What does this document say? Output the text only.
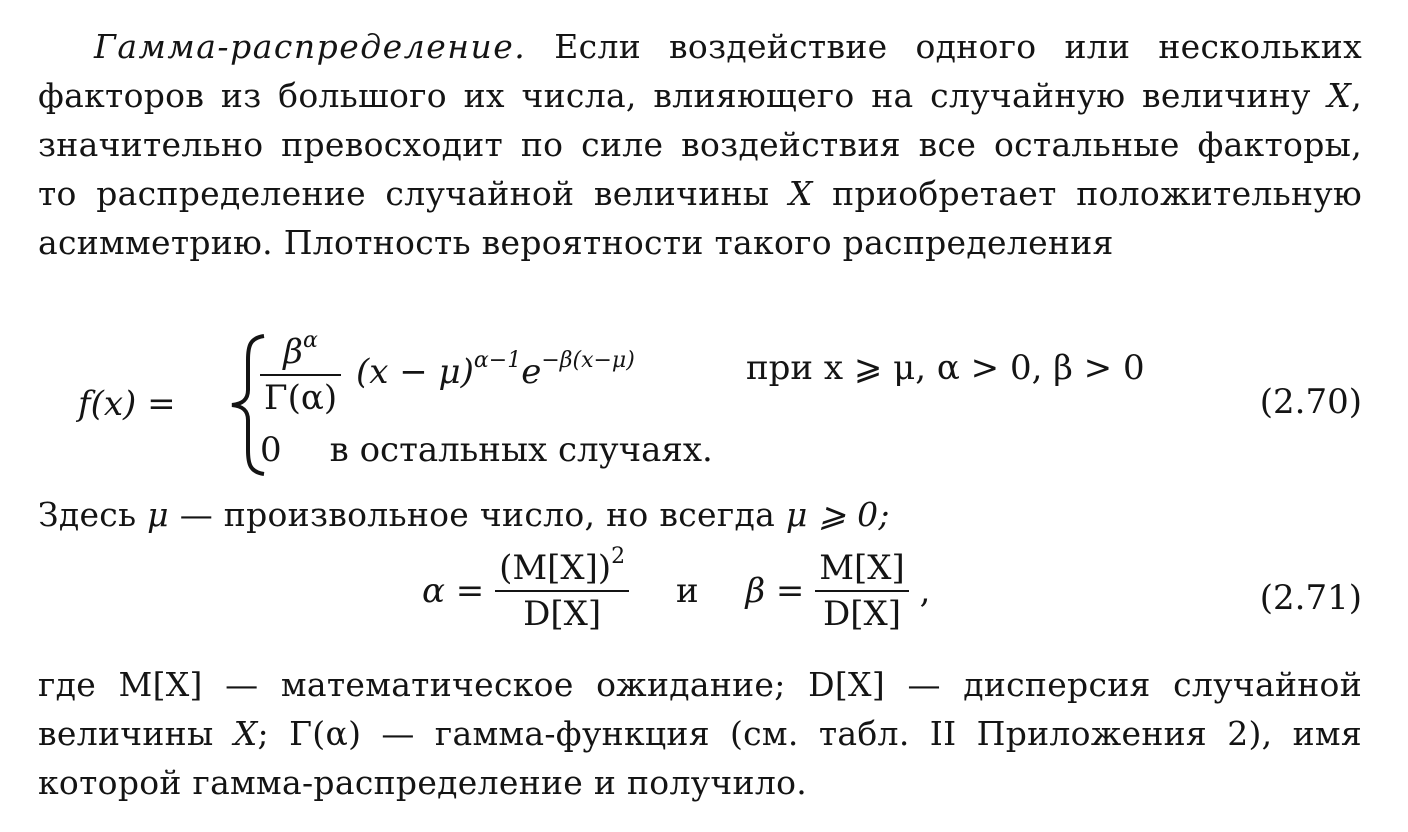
Гамма-распределение. Если воздействие одного или нескольких факторов из большого их числа, влияющего на случайную величину X, значительно превосходит по силе воздействия все остальные факторы, то распределение случайной величины X приобретает положительную асимметрию. Плотность вероятности такого распределения
$f(x) = \frac{\beta^\alpha}{\Gamma(\alpha)} (x - \mu)^{\alpha-1}e^{-\beta(x-\mu)}$	при x ⩾ μ, α > 0, β > 0
0 в остальных случаях.
(2.70)
Здесь μ — произвольное число, но всегда μ ⩾ 0;
$\alpha = \frac{(M[X])^2}{D[X]}$ и $\beta = \frac{M[X]}{D[X]}$ ,	(2.71)
где M[X] — математическое ожидание; D[X] — дисперсия случайной величины X; Γ(α) — гамма-функция (см. табл. II Приложения 2), имя которой гамма-распределение и получило.
